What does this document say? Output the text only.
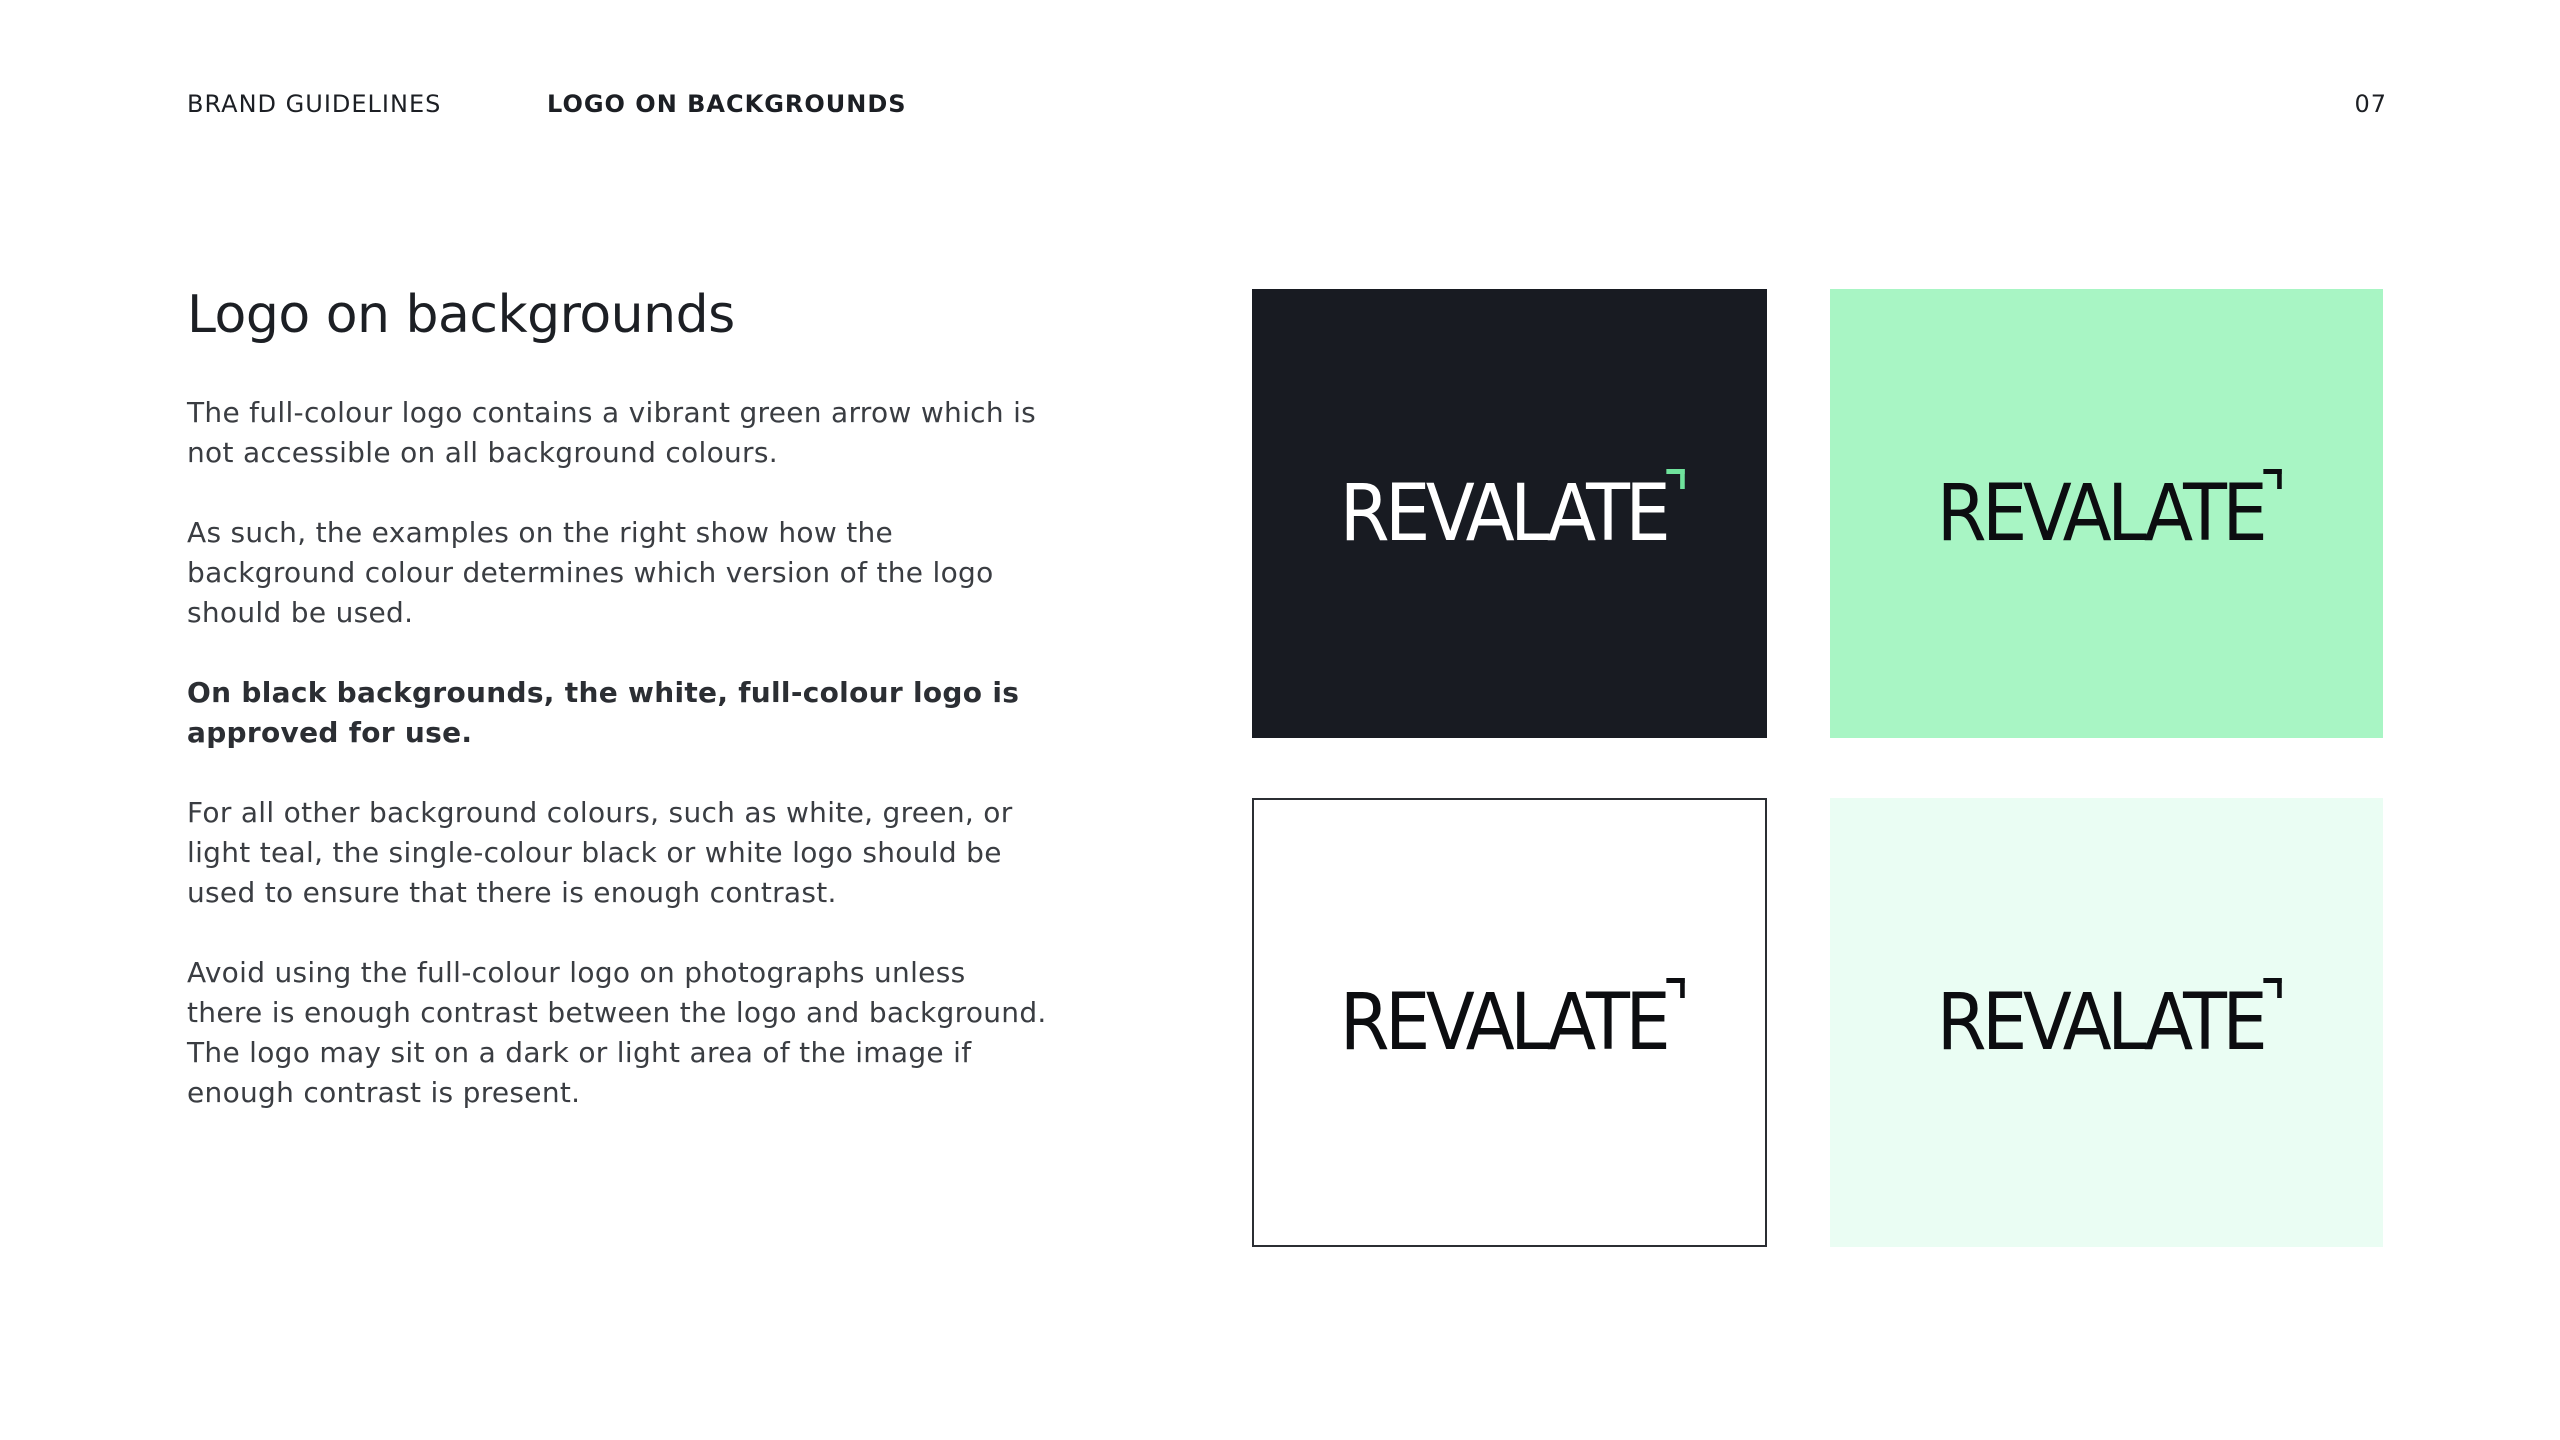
BRAND GUIDELINES	LOGO ON BACKGROUNDS	07
Logo on backgrounds

The full-colour logo contains a vibrant green arrow which is not accessible on all background colours.

As such, the examples on the right show how the background colour determines which version of the logo should be used.

On black backgrounds, the white, full-colour logo is approved for use.

For all other background colours, such as white, green, or light teal, the single-colour black or white logo should be used to ensure that there is enough contrast.

Avoid using the full-colour logo on photographs unless there is enough contrast between the logo and background. The logo may sit on a dark or light area of the image if enough contrast is present.

REVALATE	REVALATE
REVALATE	REVALATE
